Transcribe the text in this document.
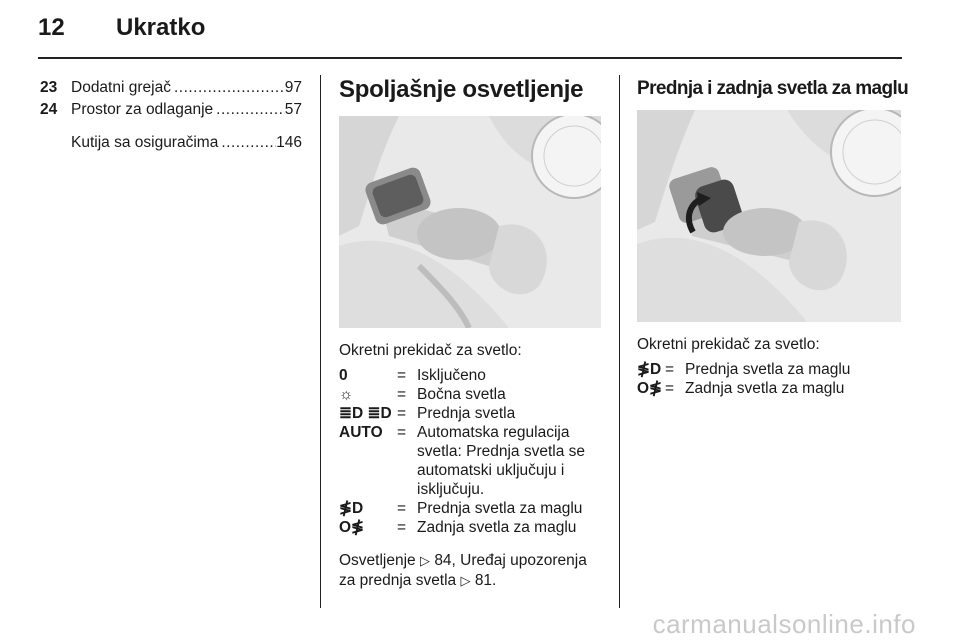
12 Ukratko
23 Dodatni grejač .....	97
24 Prostor za odlaganje .....	57
Kutija sa osiguračima .....	146
Spoljašnje osvetljenje
Okretni prekidač za svetlo:
0	= Isključeno
☼	= Bočna svetla
≣D ≣D = Prednja svetla
AUTO = Automatska regulacija svetla: Prednja svetla se automatski uključuju i isključuju.
≸D	= Prednja svetla za maglu
O≸	= Zadnja svetla za maglu
Osvetljenje ▷ 84, Uređaj upozorenja za prednja svetla ▷ 81.
Prednja i zadnja svetla za maglu
Okretni prekidač za svetlo:
≸D = Prednja svetla za maglu
O≸ = Zadnja svetla za maglu
carmanualsonline.info
